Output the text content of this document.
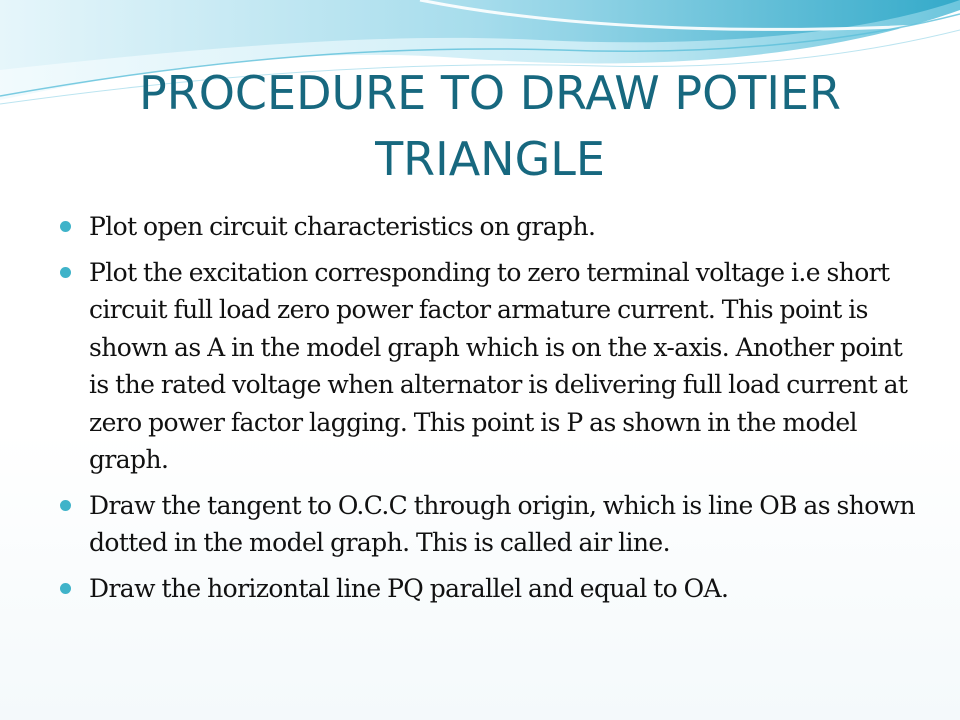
PROCEDURE TO DRAW POTIER
TRIANGLE
Plot open circuit characteristics on graph.
Plot the excitation corresponding to zero terminal voltage i.e short circuit full load zero power factor armature current. This point is shown as A in the model graph which is on the x-axis. Another point is the rated voltage when alternator is delivering full load current at zero power factor lagging. This point is P as shown in the model graph.
Draw the tangent to O.C.C through origin, which is line OB as shown dotted in the model graph. This is called air line.
Draw the horizontal line PQ parallel and equal to OA.
